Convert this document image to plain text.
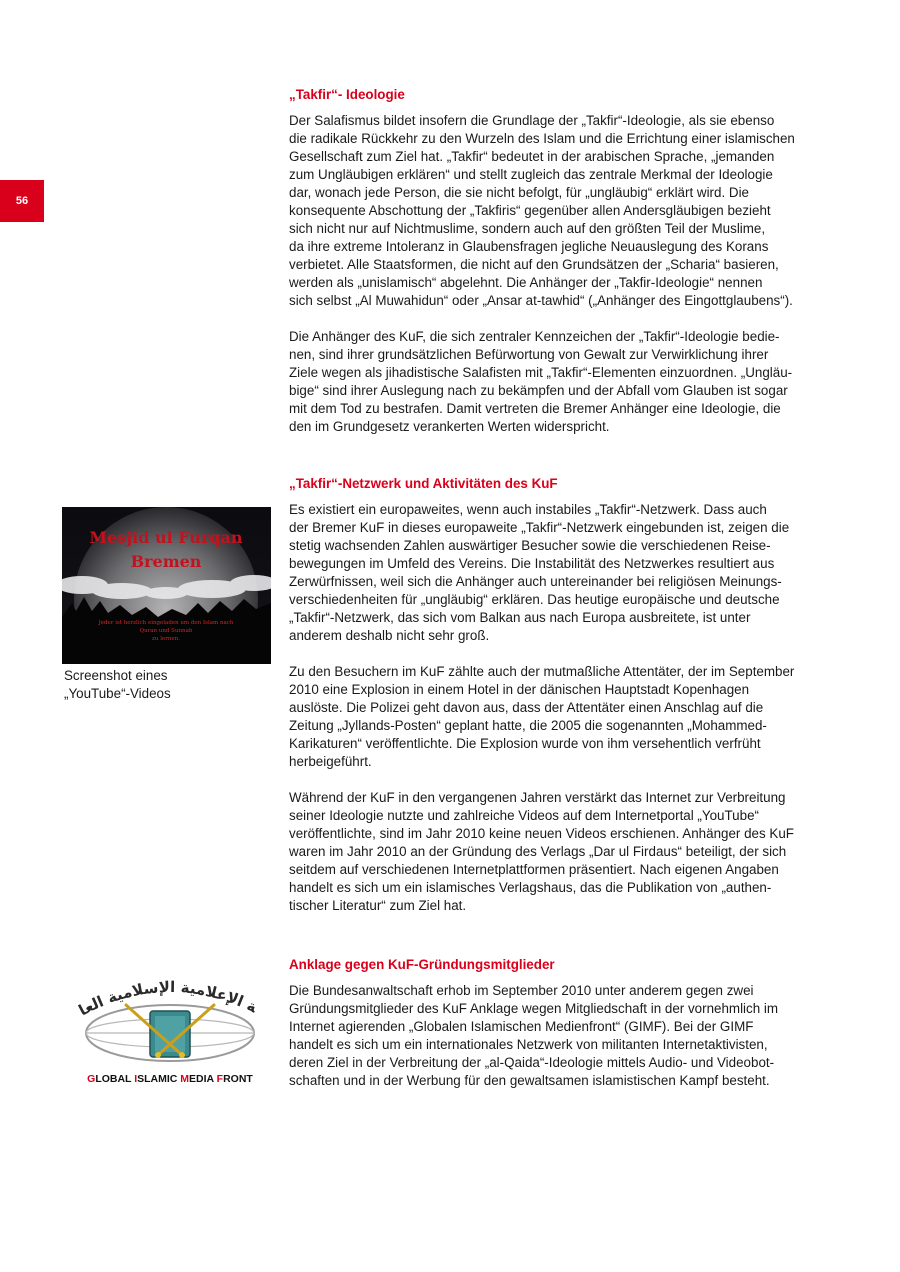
56
„Takfir“- Ideologie

Der Salafismus bildet insofern die Grundlage der „Takfir“-Ideologie, als sie ebenso
die radikale Rückkehr zu den Wurzeln des Islam und die Errichtung einer islamischen
Gesellschaft zum Ziel hat. „Takfir“ bedeutet in der arabischen Sprache, „jemanden
zum Ungläubigen erklären“ und stellt zugleich das zentrale Merkmal der Ideologie
dar, wonach jede Person, die sie nicht befolgt, für „ungläubig“ erklärt wird. Die
konsequente Abschottung der „Takfiris“ gegenüber allen Andersgläubigen bezieht
sich nicht nur auf Nichtmuslime, sondern auch auf den größten Teil der Muslime,
da ihre extreme Intoleranz in Glaubensfragen jegliche Neuauslegung des Korans
verbietet. Alle Staatsformen, die nicht auf den Grundsätzen der „Scharia“ basieren,
werden als „unislamisch“ abgelehnt. Die Anhänger der „Takfir-Ideologie“ nennen
sich selbst „Al Muwahidun“ oder „Ansar at-tawhid“ („Anhänger des Eingottglaubens“).

Die Anhänger des KuF, die sich zentraler Kennzeichen der „Takfir“-Ideologie bedie-
nen, sind ihrer grundsätzlichen Befürwortung von Gewalt zur Verwirklichung ihrer
Ziele wegen als jihadistische Salafisten mit „Takfir“-Elementen einzuordnen. „Ungläu-
bige“ sind ihrer Auslegung nach zu bekämpfen und der Abfall vom Glauben ist sogar
mit dem Tod zu bestrafen. Damit vertreten die Bremer Anhänger eine Ideologie, die
den im Grundgesetz verankerten Werten widerspricht.

„Takfir“-Netzwerk und Aktivitäten des KuF

Es existiert ein europaweites, wenn auch instabiles „Takfir“-Netzwerk. Dass auch
der Bremer KuF in dieses europaweite „Takfir“-Netzwerk eingebunden ist, zeigen die
stetig wachsenden Zahlen auswärtiger Besucher sowie die verschiedenen Reise-
bewegungen im Umfeld des Vereins. Die Instabilität des Netzwerkes resultiert aus
Zerwürfnissen, weil sich die Anhänger auch untereinander bei religiösen Meinungs-
verschiedenheiten für „ungläubig“ erklären. Das heutige europäische und deutsche
„Takfir“-Netzwerk, das sich vom Balkan aus nach Europa ausbreitete, ist unter
anderem deshalb nicht sehr groß.

Zu den Besuchern im KuF zählte auch der mutmaßliche Attentäter, der im September
2010 eine Explosion in einem Hotel in der dänischen Hauptstadt Kopenhagen
auslöste. Die Polizei geht davon aus, dass der Attentäter einen Anschlag auf die
Zeitung „Jyllands-Posten“ geplant hatte, die 2005 die sogenannten „Mohammed-
Karikaturen“ veröffentlichte. Die Explosion wurde von ihm versehentlich verfrüht
herbeigeführt.

Während der KuF in den vergangenen Jahren verstärkt das Internet zur Verbreitung
seiner Ideologie nutzte und zahlreiche Videos auf dem Internetportal „YouTube“
veröffentlichte, sind im Jahr 2010 keine neuen Videos erschienen. Anhänger des KuF
waren im Jahr 2010 an der Gründung des Verlags „Dar ul Firdaus“ beteiligt, der sich
seitdem auf verschiedenen Internetplattformen präsentiert. Nach eigenen Angaben
handelt es sich um ein islamisches Verlagshaus, das die Publikation von „authen-
tischer Literatur“ zum Ziel hat.

Anklage gegen KuF-Gründungsmitglieder

Die Bundesanwaltschaft erhob im September 2010 unter anderem gegen zwei
Gründungsmitglieder des KuF Anklage wegen Mitgliedschaft in der vornehmlich im
Internet agierenden „Globalen Islamischen Medienfront“ (GIMF). Bei der GIMF
handelt es sich um ein internationales Netzwerk von militanten Internetaktivisten,
deren Ziel in der Verbreitung der „al-Qaida“-Ideologie mittels Audio- und Videobot-
schaften und in der Werbung für den gewaltsamen islamistischen Kampf besteht.

Mesjid ul Furqan
Bremen
Jeder ist herzlich eingeladen um den Islam nach
Quran und Sunnah
zu lernen.
Screenshot eines
„YouTube“-Videos
ة الإعلامية الإسلامية العا
GLOBAL ISLAMIC MEDIA FRONT
